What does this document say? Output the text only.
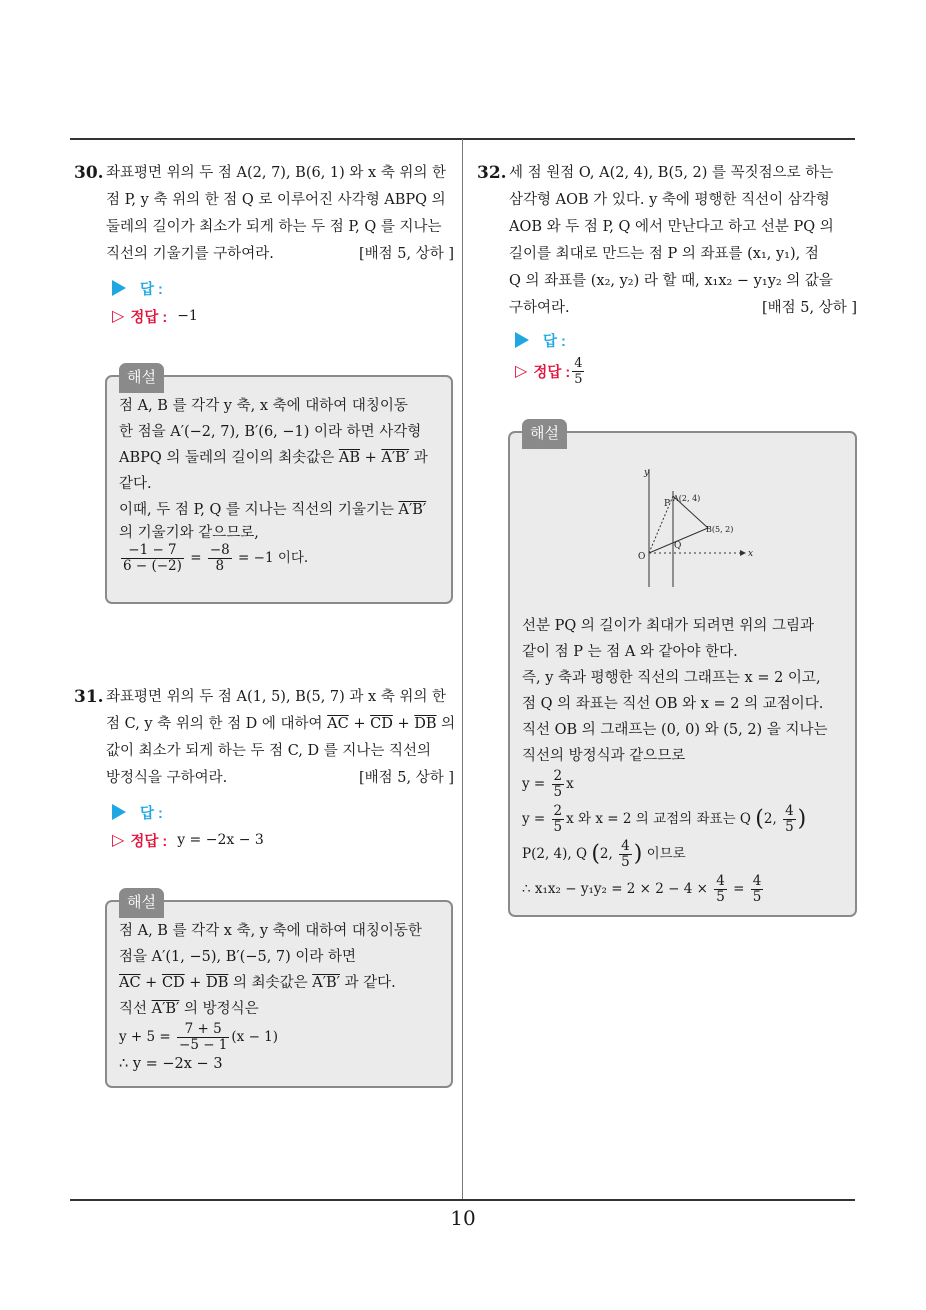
30. 좌표평면 위의 두 점 A(2, 7), B(6, 1) 와 x 축 위의 한
점 P, y 축 위의 한 점 Q 로 이루어진 사각형 ABPQ 의
둘레의 길이가 최소가 되게 하는 두 점 P, Q 를 지나는
직선의 기울기를 구하여라.	[배점 5, 상하 ]
답 :
▷ 정답 : −1
해설
점 A, B 를 각각 y 축, x 축에 대하여 대칭이동
한 점을 A′(−2, 7), B′(6, −1) 이라 하면 사각형
ABPQ 의 둘레의 길이의 최솟값은 $\overline{AB} + A'B'$ 과
같다.
이때, 두 점 P, Q 를 지나는 직선의 기울기는 A′B′
의 기울기와 같으므로,
$\frac{-1 - 7}{6 - (-2)} = \frac{-8}{8} = -1$ 이다.
31. 좌표평면 위의 두 점 A(1, 5), B(5, 7) 과 x 축 위의 한
점 C, y 축 위의 한 점 D 에 대하여 $\overline{AC} + \overline{CD} + \overline{DB}$ 의
값이 최소가 되게 하는 두 점 C, D 를 지나는 직선의
방정식을 구하여라.	[배점 5, 상하 ]
답 :
▷ 정답 : y = −2x − 3
해설
점 A, B 를 각각 x 축, y 축에 대하여 대칭이동한
점을 A′(1, −5), B′(−5, 7) 이라 하면
$\overline{AC} + \overline{CD} + \overline{DB}$ 의 최솟값은 A′B′ 과 같다.
직선 A′B′ 의 방정식은
$y + 5 = \frac{7 + 5}{-5 - 1} (x - 1)$
∴ y = −2x − 3
32. 세 점 원점 O, A(2, 4), B(5, 2) 를 꼭짓점으로 하는
삼각형 AOB 가 있다. y 축에 평행한 직선이 삼각형
AOB 와 두 점 P, Q 에서 만난다고 하고 선분 PQ 의
길이를 최대로 만드는 점 P 의 좌표를 (x₁, y₁), 점
Q 의 좌표를 (x₂, y₂) 라 할 때, x₁x₂ − y₁y₂ 의 값을
구하여라.	[배점 5, 상하 ]
답 :
▷ 정답 : $\frac{4}{5}$
해설
y
x
O
P
A(2, 4)
B(5, 2)
Q
선분 PQ 의 길이가 최대가 되려면 위의 그림과
같이 점 P 는 점 A 와 같아야 한다.
즉, y 축과 평행한 직선의 그래프는 x = 2 이고,
점 Q 의 좌표는 직선 OB 와 x = 2 의 교점이다.
직선 OB 의 그래프는 (0, 0) 와 (5, 2) 을 지나는
직선의 방정식과 같으므로
$y = \frac{2}{5}$ x
$y = \frac{2}{5}$ x 와 x = 2 의 교점의 좌표는 Q (2, $\frac{4}{5}$ )
P(2, 4), Q (2, $\frac{4}{5}$ ) 이므로
∴ $x_1x_2 - y_1y_2 = 2 \times 2 - 4 \times \frac{4}{5} = \frac{4}{5}$
10
